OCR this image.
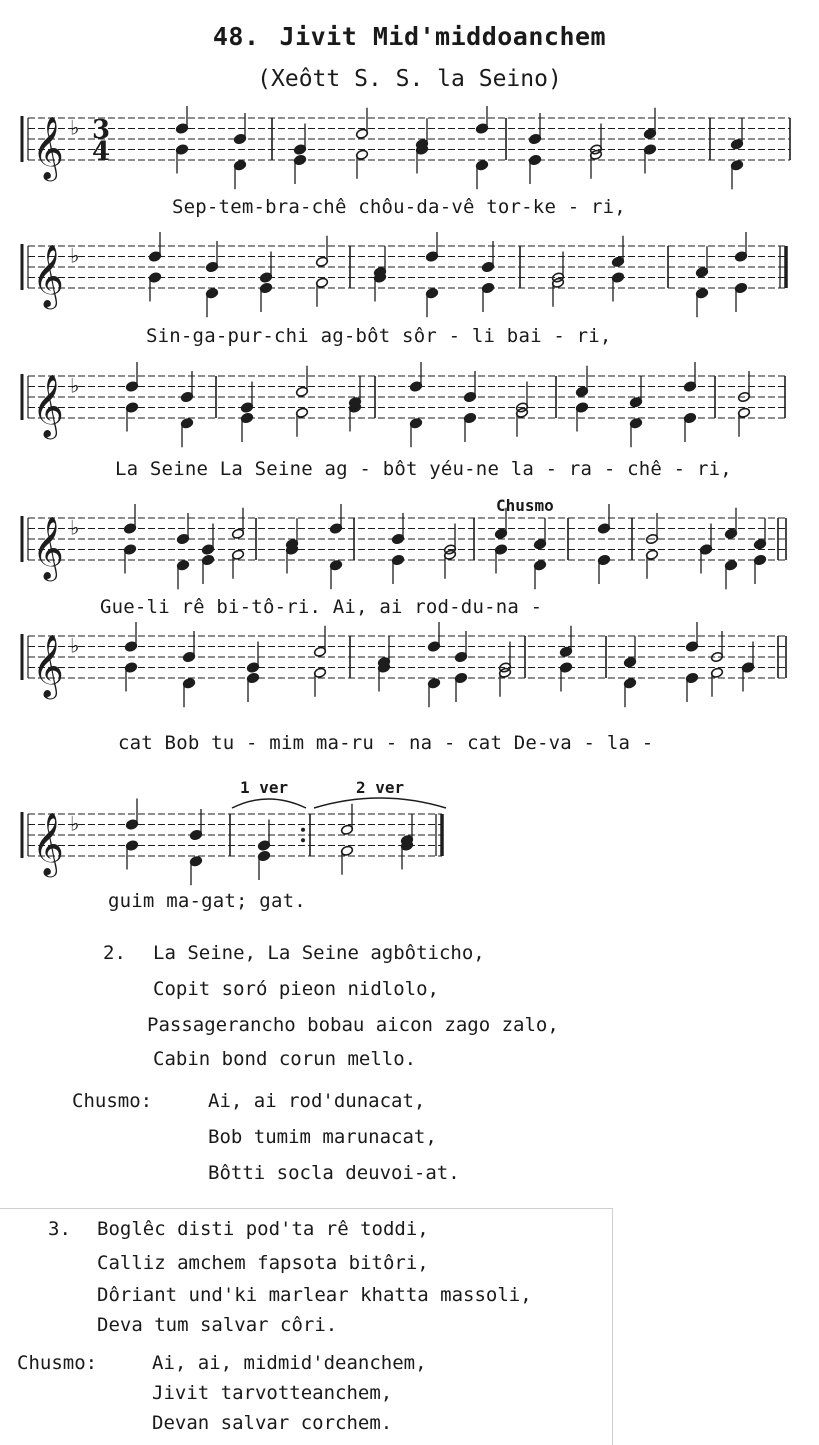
48. Jivit Mid'middoanchem
(Xeôtt S. S. la Seino)
𝄞 ♭ 3
4
Sep-tem-bra-chê chôu-da-vê tor-ke - ri,
𝄞 ♭
Sin-ga-pur-chi ag-bôt sôr - li bai - ri,
𝄞 ♭
La Seine La Seine ag - bôt yéu-ne la - ra - chê - ri,
Chusmo
𝄞 ♭
Gue-li rê bi-tô-ri. Ai, ai rod-du-na -
𝄞 ♭
cat Bob tu - mim ma-ru - na - cat De-va - la -
1 ver	2 ver
𝄞 ♭
guim ma-gat; gat.
2. La Seine, La Seine agbôticho,
Copit soró pieon nidlolo,
Passagerancho bobau aicon zago zalo,
Cabin bond corun mello.
Chusmo:	Ai, ai rod'dunacat,
Bob tumim marunacat,
Bôtti socla deuvoi-at.
3. Boglêc disti pod'ta rê toddi,
Calliz amchem fapsota bitôri,
Dôriant und'ki marlear khatta massoli,
Deva tum salvar côri.
Chusmo:	Ai, ai, midmid'deanchem,
Jivit tarvotteanchem,
Devan salvar corchem.
